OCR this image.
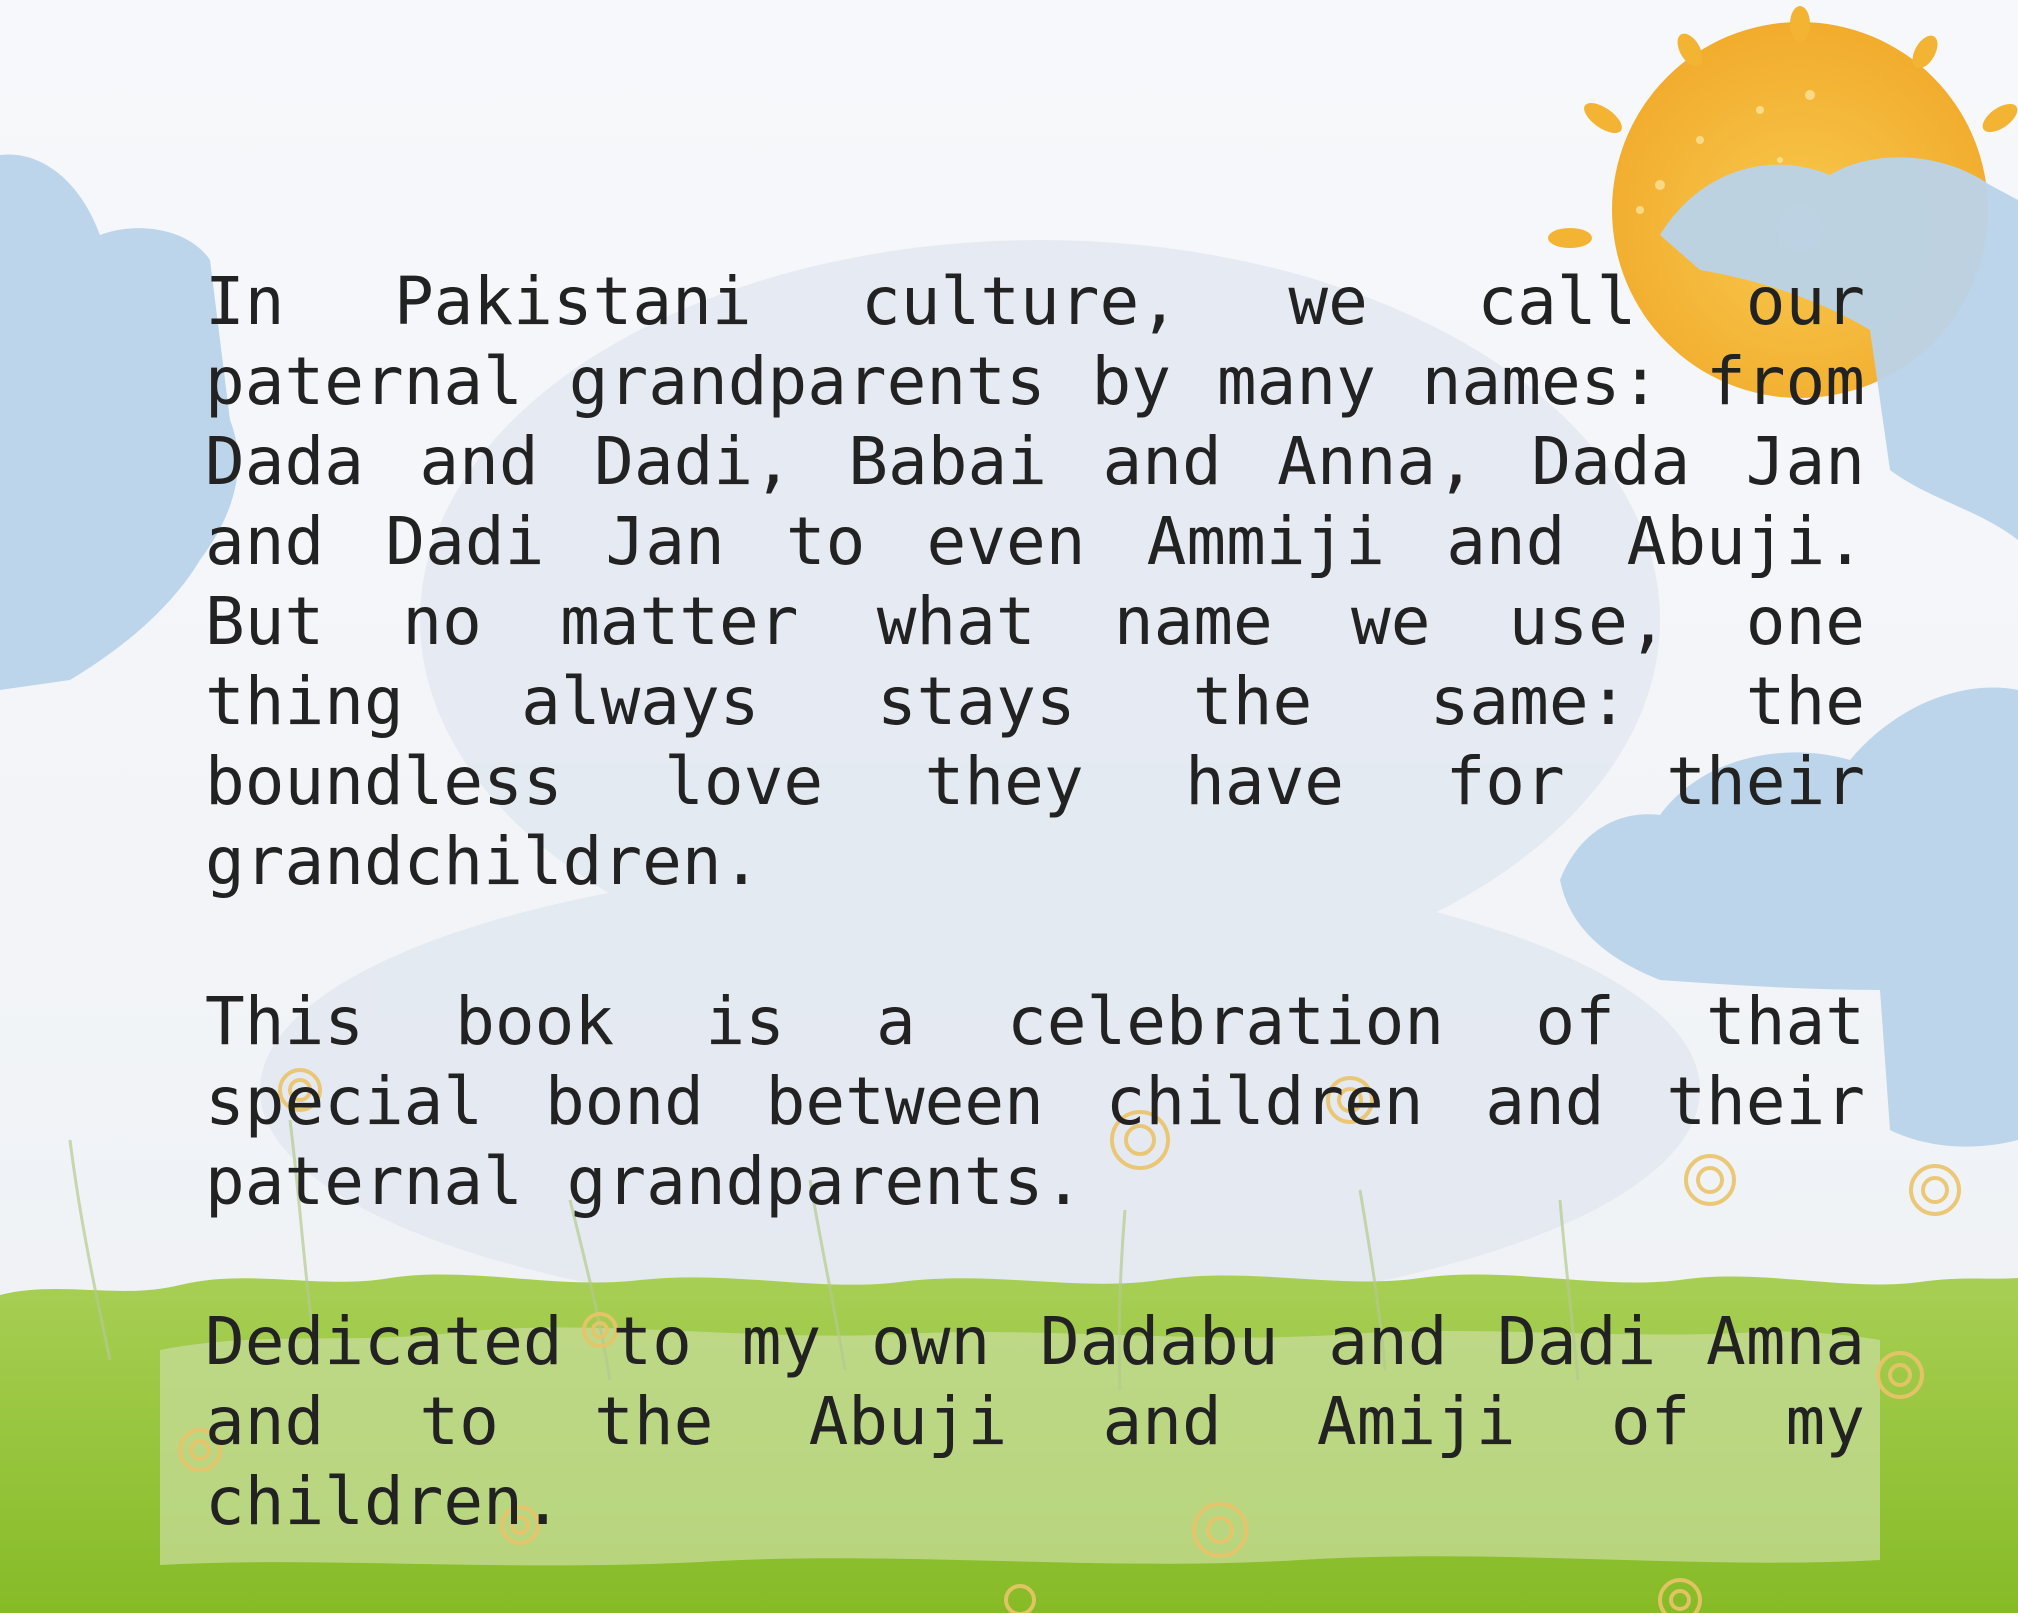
In Pakistani culture, we call our paternal grandparents by many names: from Dada and Dadi, Babai and Anna, Dada Jan and Dadi Jan to even Ammiji and Abuji. But no matter what name we use, one thing always stays the same: the boundless love they have for their grandchildren.

This book is a celebration of that special bond between children and their paternal grandparents.

Dedicated to my own Dadabu and Dadi Amna and to the Abuji and Amiji of my children.
